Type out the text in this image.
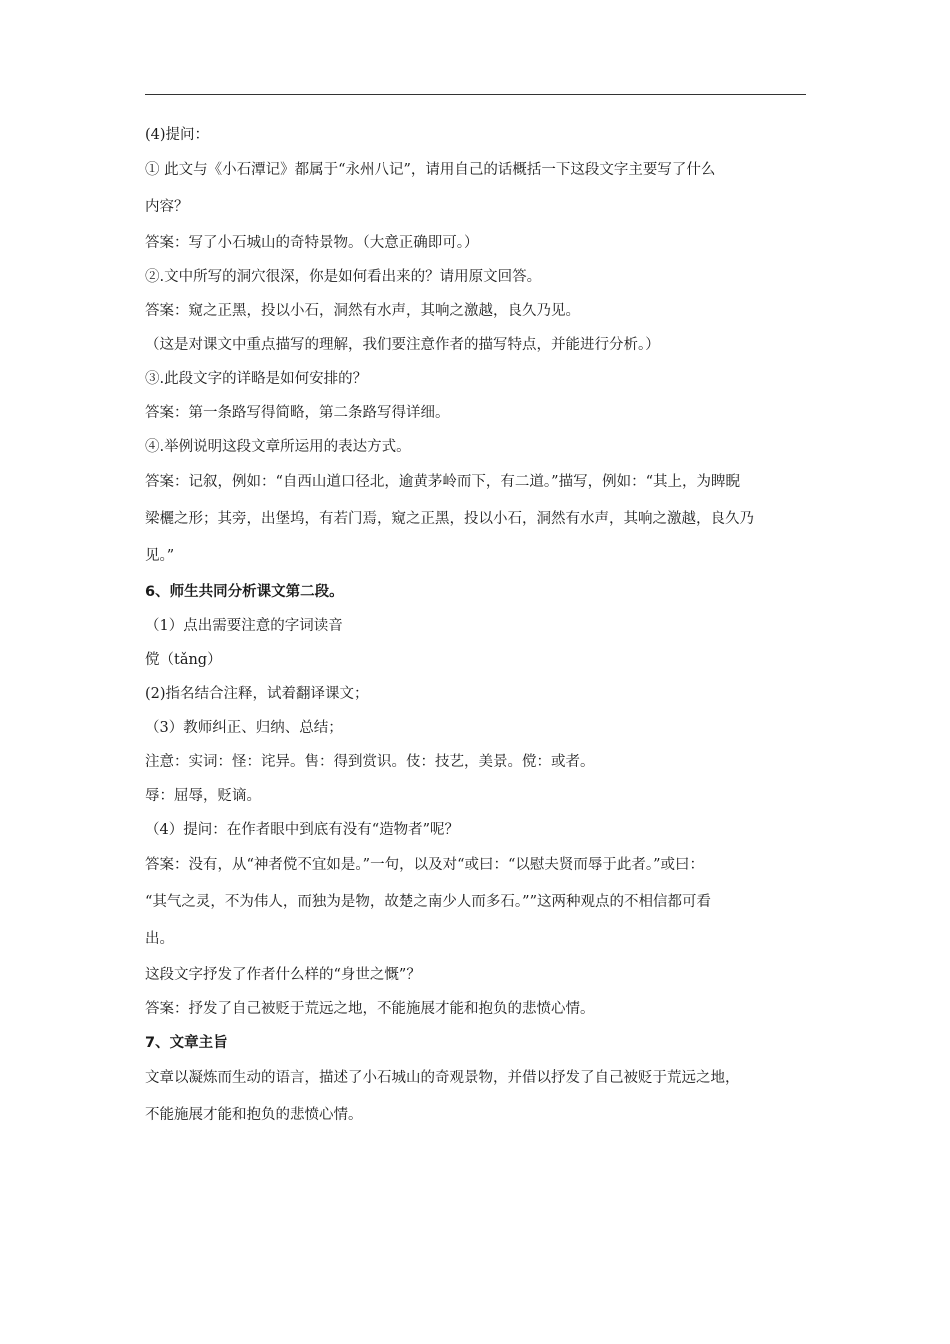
(4)提问：
① 此文与《小石潭记》都属于“永州八记”，请用自己的话概括一下这段文字主要写了什么
内容？
答案：写了小石城山的奇特景物。（大意正确即可。）
②.文中所写的洞穴很深，你是如何看出来的？请用原文回答。
答案：窥之正黑，投以小石，洞然有水声，其响之激越，良久乃见。
（这是对课文中重点描写的理解，我们要注意作者的描写特点，并能进行分析。）
③.此段文字的详略是如何安排的？
答案：第一条路写得简略，第二条路写得详细。
④.举例说明这段文章所运用的表达方式。
答案：记叙，例如：“自西山道口径北，逾黄茅岭而下，有二道。”描写，例如：“其上，为睥睨
梁欐之形；其旁，出堡坞，有若门焉，窥之正黑，投以小石，洞然有水声，其响之激越，良久乃
见。”
6、师生共同分析课文第二段。
（1）点出需要注意的字词读音
傥（tǎng）
(2)指名结合注释，试着翻译课文；
（3）教师纠正、归纳、总结；
注意：实词：怪：诧异。售：得到赏识。伎：技艺，美景。傥：或者。
辱：屈辱，贬谪。
（4）提问：在作者眼中到底有没有“造物者”呢？
答案：没有，从“神者傥不宜如是。”一句，以及对“或曰：“以慰夫贤而辱于此者。”或曰：
“其气之灵，不为伟人，而独为是物，故楚之南少人而多石。””这两种观点的不相信都可看
出。
这段文字抒发了作者什么样的“身世之慨”？
答案：抒发了自己被贬于荒远之地，不能施展才能和抱负的悲愤心情。
7、文章主旨
文章以凝炼而生动的语言，描述了小石城山的奇观景物，并借以抒发了自己被贬于荒远之地，
不能施展才能和抱负的悲愤心情。
